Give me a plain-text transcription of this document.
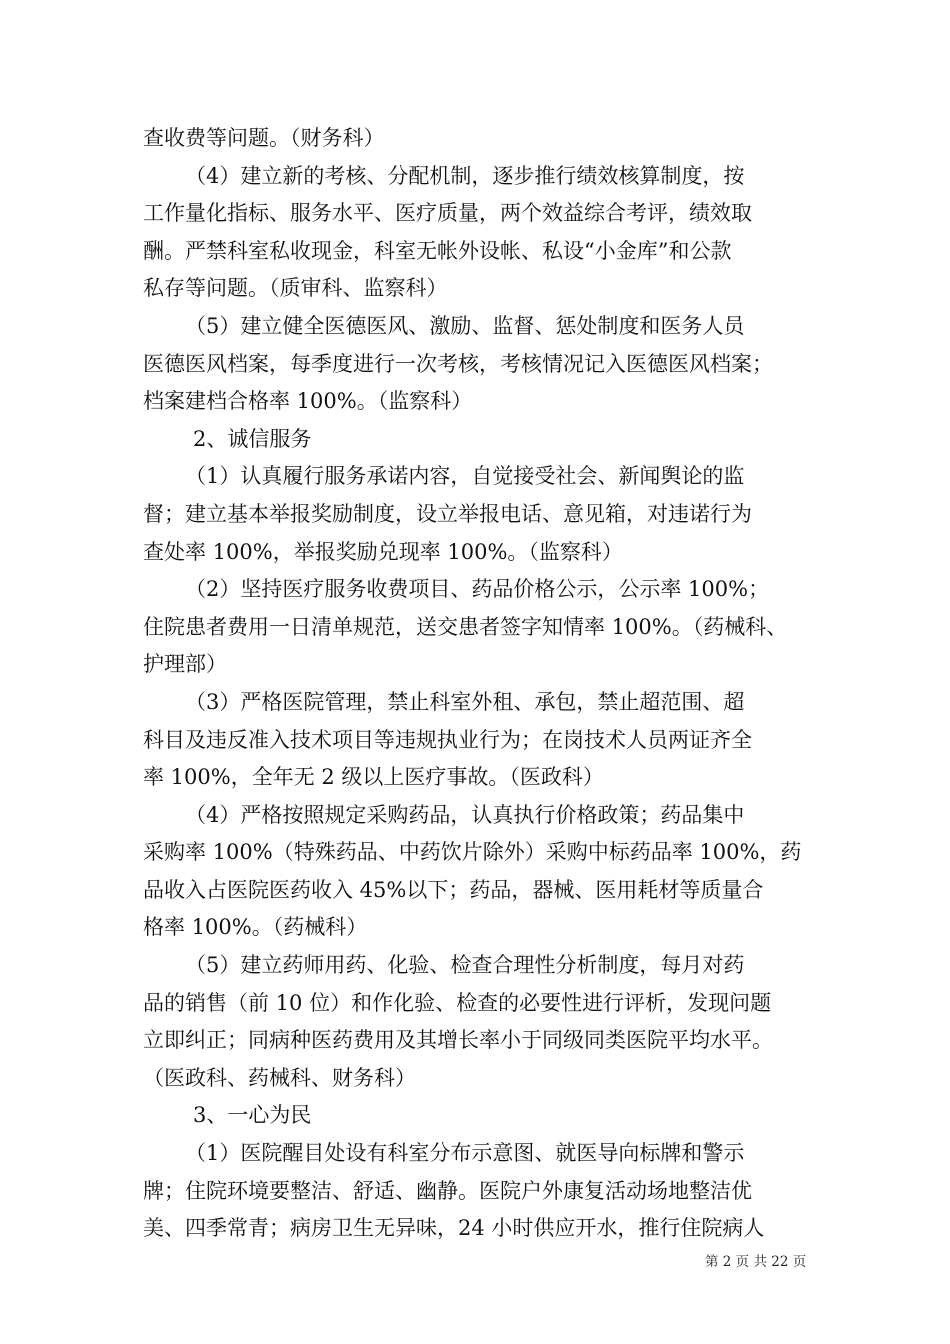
查收费等问题。（财务科）
（4）建立新的考核、分配机制，逐步推行绩效核算制度，按
工作量化指标、服务水平、医疗质量，两个效益综合考评，绩效取
酬。严禁科室私收现金，科室无帐外设帐、私设“小金库”和公款
私存等问题。（质审科、监察科）
（5）建立健全医德医风、激励、监督、惩处制度和医务人员
医德医风档案，每季度进行一次考核，考核情况记入医德医风档案；
档案建档合格率 100%。（监察科）
2、诚信服务
（1）认真履行服务承诺内容，自觉接受社会、新闻舆论的监
督；建立基本举报奖励制度，设立举报电话、意见箱，对违诺行为
查处率 100%，举报奖励兑现率 100%。（监察科）
（2）坚持医疗服务收费项目、药品价格公示，公示率 100%；
住院患者费用一日清单规范，送交患者签字知情率 100%。（药械科、
护理部）
（3）严格医院管理，禁止科室外租、承包，禁止超范围、超
科目及违反准入技术项目等违规执业行为；在岗技术人员两证齐全
率 100%，全年无 2 级以上医疗事故。（医政科）
（4）严格按照规定采购药品，认真执行价格政策；药品集中
采购率 100%（特殊药品、中药饮片除外）采购中标药品率 100%，药
品收入占医院医药收入 45%以下；药品，器械、医用耗材等质量合
格率 100%。（药械科）
（5）建立药师用药、化验、检查合理性分析制度，每月对药
品的销售（前 10 位）和作化验、检查的必要性进行评析，发现问题
立即纠正；同病种医药费用及其增长率小于同级同类医院平均水平。
（医政科、药械科、财务科）
3、一心为民
（1）医院醒目处设有科室分布示意图、就医导向标牌和警示
牌；住院环境要整洁、舒适、幽静。医院户外康复活动场地整洁优
美、四季常青；病房卫生无异味，24 小时供应开水，推行住院病人
第 2 页 共 22 页
